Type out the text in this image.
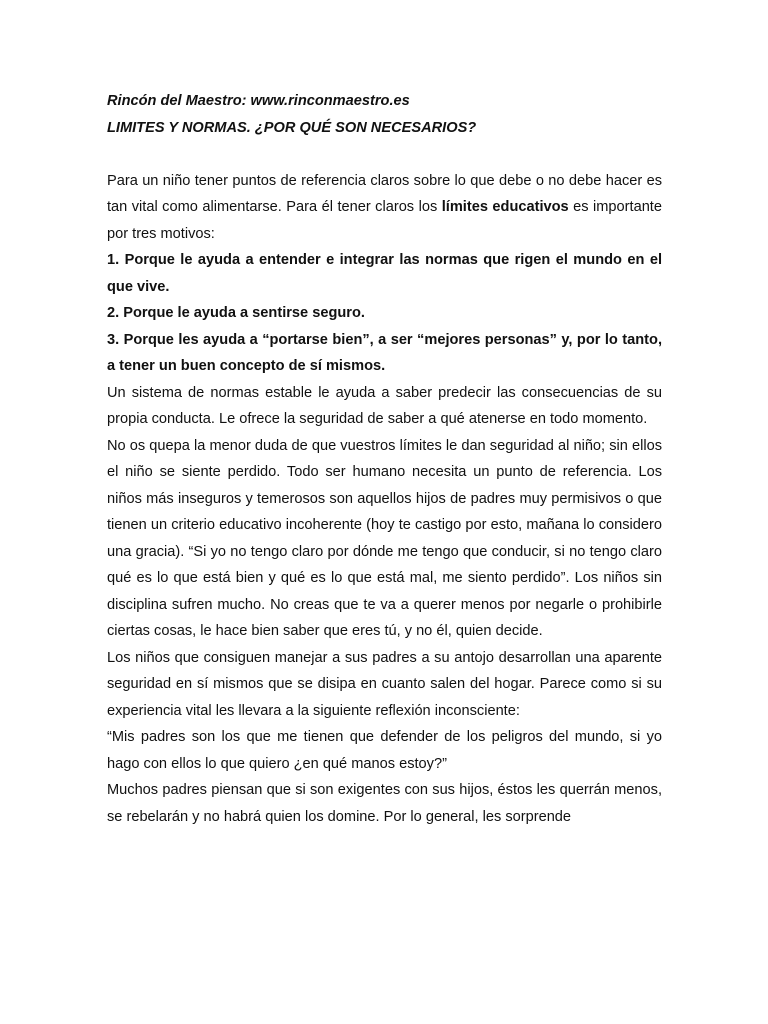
Rincón del Maestro: www.rinconmaestro.es

LIMITES Y NORMAS. ¿POR QUÉ SON NECESARIOS?

Para un niño tener puntos de referencia claros sobre lo que debe o no debe hacer es tan vital como alimentarse. Para él tener claros los límites educativos es importante por tres motivos:

1. Porque le ayuda a entender e integrar las normas que rigen el mundo en el que vive.

2. Porque le ayuda a sentirse seguro.

3. Porque les ayuda a “portarse bien”, a ser “mejores personas” y, por lo tanto, a tener un buen concepto de sí mismos.

Un sistema de normas estable le ayuda a saber predecir las consecuencias de su propia conducta. Le ofrece la seguridad de saber a qué atenerse en todo momento.

No os quepa la menor duda de que vuestros límites le dan seguridad al niño; sin ellos el niño se siente perdido. Todo ser humano necesita un punto de referencia. Los niños más inseguros y temerosos son aquellos hijos de padres muy permisivos o que tienen un criterio educativo incoherente (hoy te castigo por esto, mañana lo considero una gracia). “Si yo no tengo claro por dónde me tengo que conducir, si no tengo claro qué es lo que está bien y qué es lo que está mal, me siento perdido”. Los niños sin disciplina sufren mucho. No creas que te va a querer menos por negarle o prohibirle ciertas cosas, le hace bien saber que eres tú, y no él, quien decide.

Los niños que consiguen manejar a sus padres a su antojo desarrollan una aparente seguridad en sí mismos que se disipa en cuanto salen del hogar. Parece como si su experiencia vital les llevara a la siguiente reflexión inconsciente:

“Mis padres son los que me tienen que defender de los peligros del mundo, si yo hago con ellos lo que quiero ¿en qué manos estoy?”

Muchos padres piensan que si son exigentes con sus hijos, éstos les querrán menos, se rebelarán y no habrá quien los domine. Por lo general, les sorprende
